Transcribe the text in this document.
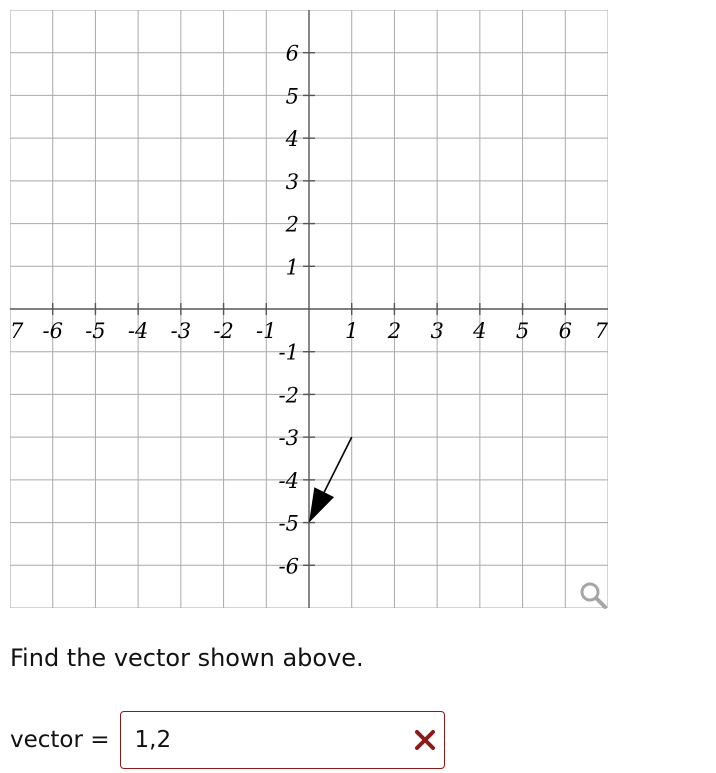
7 -6 -5 -4 -3 -2 -1	1 2 3 4 5 6 7
6
5
4
3
2
1
-1
-2
-3
-4
-5
-6

Find the vector shown above.

vector =
1,2
